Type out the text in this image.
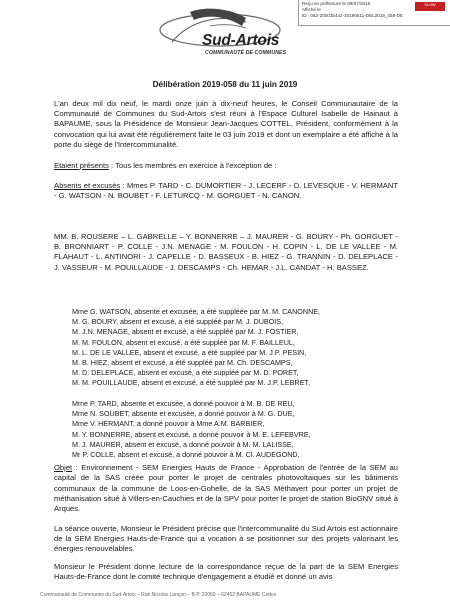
Reçu en préfecture le 09/07/2019
Affiché le
ID : 062-200035442-20190611-DEL2019_058-DE
SLOW
Sud-Artois
COMMUNAUTÉ DE COMMUNES
Délibération 2019-058 du 11 juin 2019
L'an deux mil dix neuf, le mardi onze juin à dix-neuf heures, le Conseil Communautaire de la Communauté de Communes du Sud-Artois s'est réuni à l'Espace Culturel Isabelle de Hainaut à BAPAUME, sous la Présidence de Monsieur Jean-Jacques COTTEL, Président, conformément à la convocation qui lui avait été régulièrement faite le 03 juin 2019 et dont un exemplaire a été affiché à la porte du siège de l'Intercommunalité.
Etaient présents : Tous les membres en exercice à l'exception de :
Absents et excusés : Mmes P. TARD - C. DUMORTIER - J. LECERF - D. LEVESQUE - V. HERMANT - G. WATSON - N. BOUBET - F. LETURCQ - M. GORGUET - N. CANON.
MM. B. ROUSERE – L. GABRELLE – Y. BONNERRE – J. MAURER - G. BOURY - Ph. GORGUET - B. BRONNIART - P. COLLE - J.N. MENAGE - M. FOULON - H. COPIN - L. DE LE VALLEE - M. FLAHAUT - L. ANTINORI - J. CAPELLE - D. BASSEUX - B. HIEZ - G. TRANNIN - D. DELEPLACE - J. VASSEUR - M. POUILLAUDE - J. DESCAMPS - Ch. HEMAR - J.L. CANDAT - H. BASSEZ.
Mme G. WATSON, absente et excusée, a été suppléée par M. M. CANONNE,
M. G. BOURY, absent et excusé, a été suppléé par M. J. DUBOIS,
M. J.N. MENAGE, absent et excusé, a été suppléé par M. J. FOSTIER,
M. M. FOULON, absent et excusé, a été suppléé par M. F. BAILLEUL,
M. L. DE LE VALLEE, absent et excusé, a été suppléé par M. J.P. PESIN,
M. B. HIEZ, absent et excusé, a été suppléé par M. Ch. DESCAMPS,
M. D. DELEPLACE, absent et excusé, a été suppléé par M. D. PORET,
M. M. POUILLAUDE, absent et excusé, a été suppléé par M. J.P. LEBRET,
Mme P. TARD, absente et excusée, a donné pouvoir à M. B. DE REU,
Mme N. SOUBET, absente et excusée, a donné pouvoir à M. G. DUE,
Mme V. HERMANT, a donné pouvoir à Mme A.M. BARBIER,
M. Y. BONNERRE, absent et excusé, a donné pouvoir à M. E. LEFEBVRE,
M. J. MAURER, absent et excusé, a donné pouvoir à M. M. LALISSE,
Mr P. COLLE, absent et excusé, a donné pouvoir à M. Cl. AUDEGOND,
Objet : Environnement - SEM Energies Hauts de France - Approbation de l'entrée de la SEM au capital de la SAS créée pour porter le projet de centrales photovoltaiques sur les bâtiments communaux de la commune de Loos-en-Gohelle, de la SAS Méthavert pour porter un projet de méthanisation situé à Villers-en-Cauchies et de la SPV pour porter le projet de station BioGNV situé à Arques.
La séance ouverte, Monsieur le Président précise que l'intercommunalité du Sud Artois est actionnaire de la SEM Energies Hauts-de-France qui a vocation à se positionner sur des projets valorisant les énergies renouvelables.
Monsieur le Président donne lecture de la correspondance reçue de la part de la SEM Energies Hauts-de-France dont le comité technique d'engagement a étudié et donné un avis
Communauté de Communes du Sud-Artois – Rue Nicolas Lançon – B.P. 20060 – 62452 BAPAUME Cedex
